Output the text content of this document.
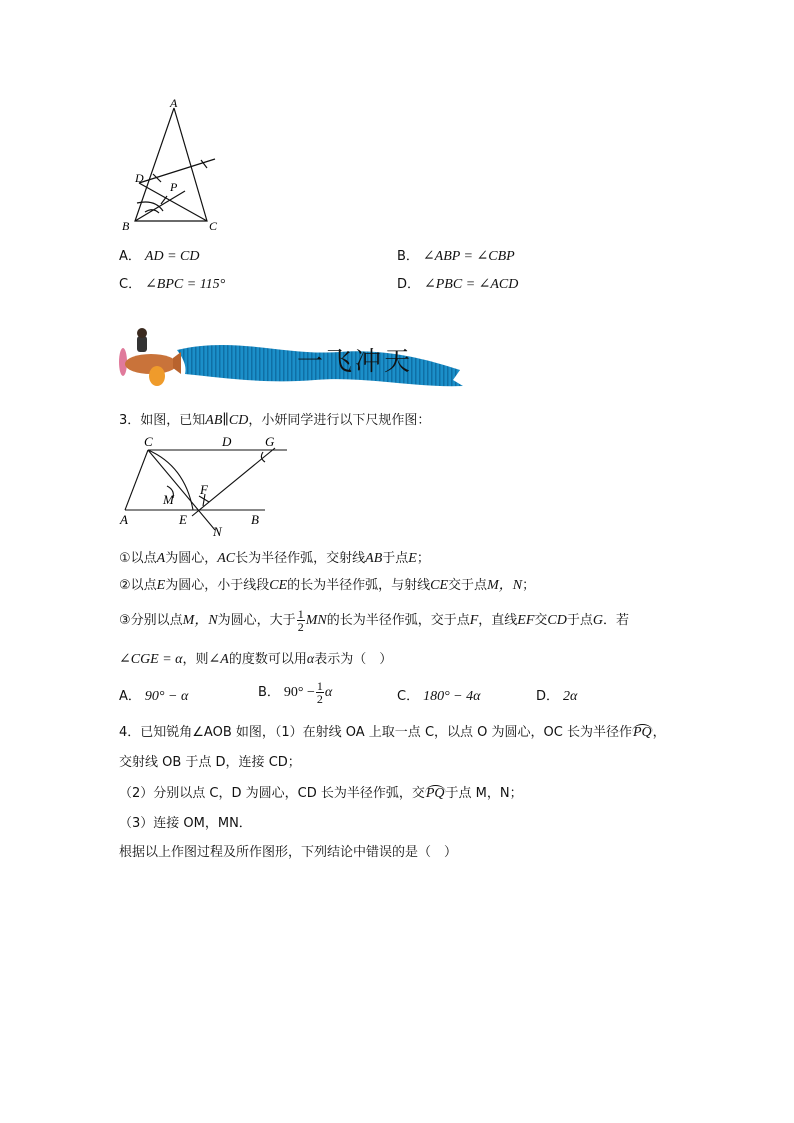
A
D
P
B	C
A． AD = CD	B． ∠ABP = ∠CBP
C． ∠BPC = 115°	D． ∠PBC = ∠ACD
一飞冲天
3．如图，已知AB∥CD，小妍同学进行以下尺规作图：
C	D	G
M
F
A	E	B
N
①以点A为圆心，AC长为半径作弧，交射线AB于点E；
②以点E为圆心，小于线段CE的长为半径作弧，与射线CE交于点M，N；
③分别以点M，N为圆心，大于 $\frac{1}{2}$ MN的长为半径作弧，交于点F，直线EF交CD于点G．若
∠CGE = α，则∠A的度数可以用α表示为（　）
A． 90° − α	B． $90^\circ - \frac{1}{2}$ α	C． 180° − 4α	D． 2α
4．已知锐角∠AOB 如图，（1）在射线 OA 上取一点 C，以点 O 为圆心，OC 长为半径作PQ，
交射线 OB 于点 D，连接 CD；
（2）分别以点 C，D 为圆心，CD 长为半径作弧，交PQ于点 M，N；
（3）连接 OM，MN．
根据以上作图过程及所作图形，下列结论中错误的是（　）
